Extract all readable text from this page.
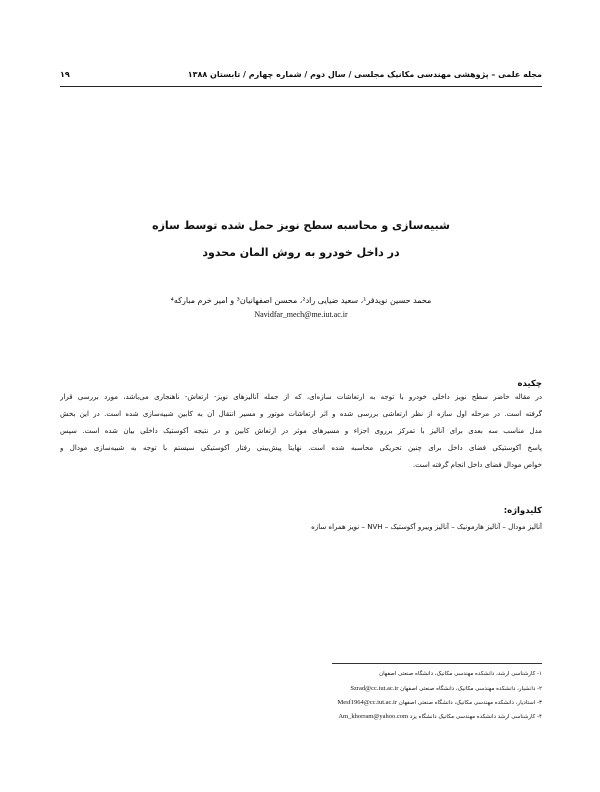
مجله علمی – پژوهشی مهندسی مکانیک مجلسی / سال دوم / شماره چهارم / تابستان ۱۳۸۸
۱۹
شبیه‌سازی و محاسبه سطح نویز حمل شده توسط سازه
در داخل خودرو به روش المان محدود
محمد حسین نویدفر¹، سعید ضیایی راد²، محسن اصفهانیان³ و امیر خرم مبارکه⁴
Navidfar_mech@me.iut.ac.ir
چکیده
در مقاله حاضر سطح نویز داخلی خودرو با توجه به ارتعاشات سازه‌ای، که از جمله آنالیزهای نویز- ارتعاش- ناهنجاری می‌باشد، مورد بررسی قرار
گرفته است. در مرحله اول سازه از نظر ارتعاشی بررسی شده و اثر ارتعاشات موتور و مسیر انتقال آن به کابین شبیه‌سازی شده است. در این بخش
مدل مناسب سه بعدی برای آنالیز با تمرکز برروی اجزاء و مسیرهای موثر در ارتعاش کابین و در نتیجه آکوستیک داخلی بیان شده است. سپس
پاسخ آکوستیکی فضای داخل برای چنین تحریکی محاسبه شده است. نهایتاً پیش‌بینی رفتار آکوستیکی سیستم با توجه به شبیه‌سازی مودال و
خواص مودال فضای داخل انجام گرفته است.
کلیدواژه:
آنالیز مودال – آنالیز هارمونیک – آنالیز ویبرو آکوستیک – NVH – نویز همراه سازه
۱- کارشناسی ارشد، دانشکده مهندسی مکانیک، دانشگاه صنعتی اصفهان
۲- دانشیار، دانشکده مهندسی مکانیک، دانشگاه صنعتی اصفهان Szrad@cc.iut.ac.ir
۳- استادیار، دانشکده مهندسی مکانیک، دانشگاه صنعتی اصفهان Mesf1964@cc.iut.ac.ir
۴- کارشناسی ارشد دانشکده مهندسی مکانیک دانشگاه یزد Am_khorram@yahoo.com
